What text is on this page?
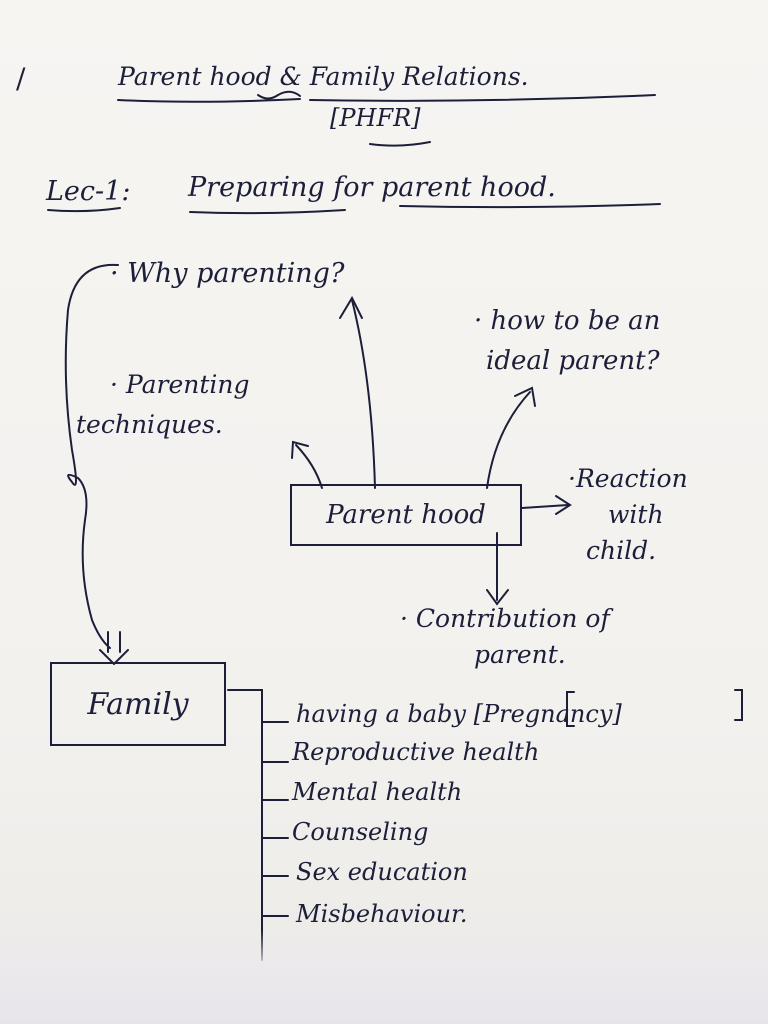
/	Parent hood & Family Relations.
[PHFR]
Lec-1: Preparing for parent hood.
· Why parenting?
· how to be an
ideal parent?
· Parenting
techniques.
Parent hood
·Reaction
with
child.
· Contribution of
parent.
Family	having a baby [Pregnancy]
Reproductive health
Mental health
Counseling
Sex education
Misbehaviour.
